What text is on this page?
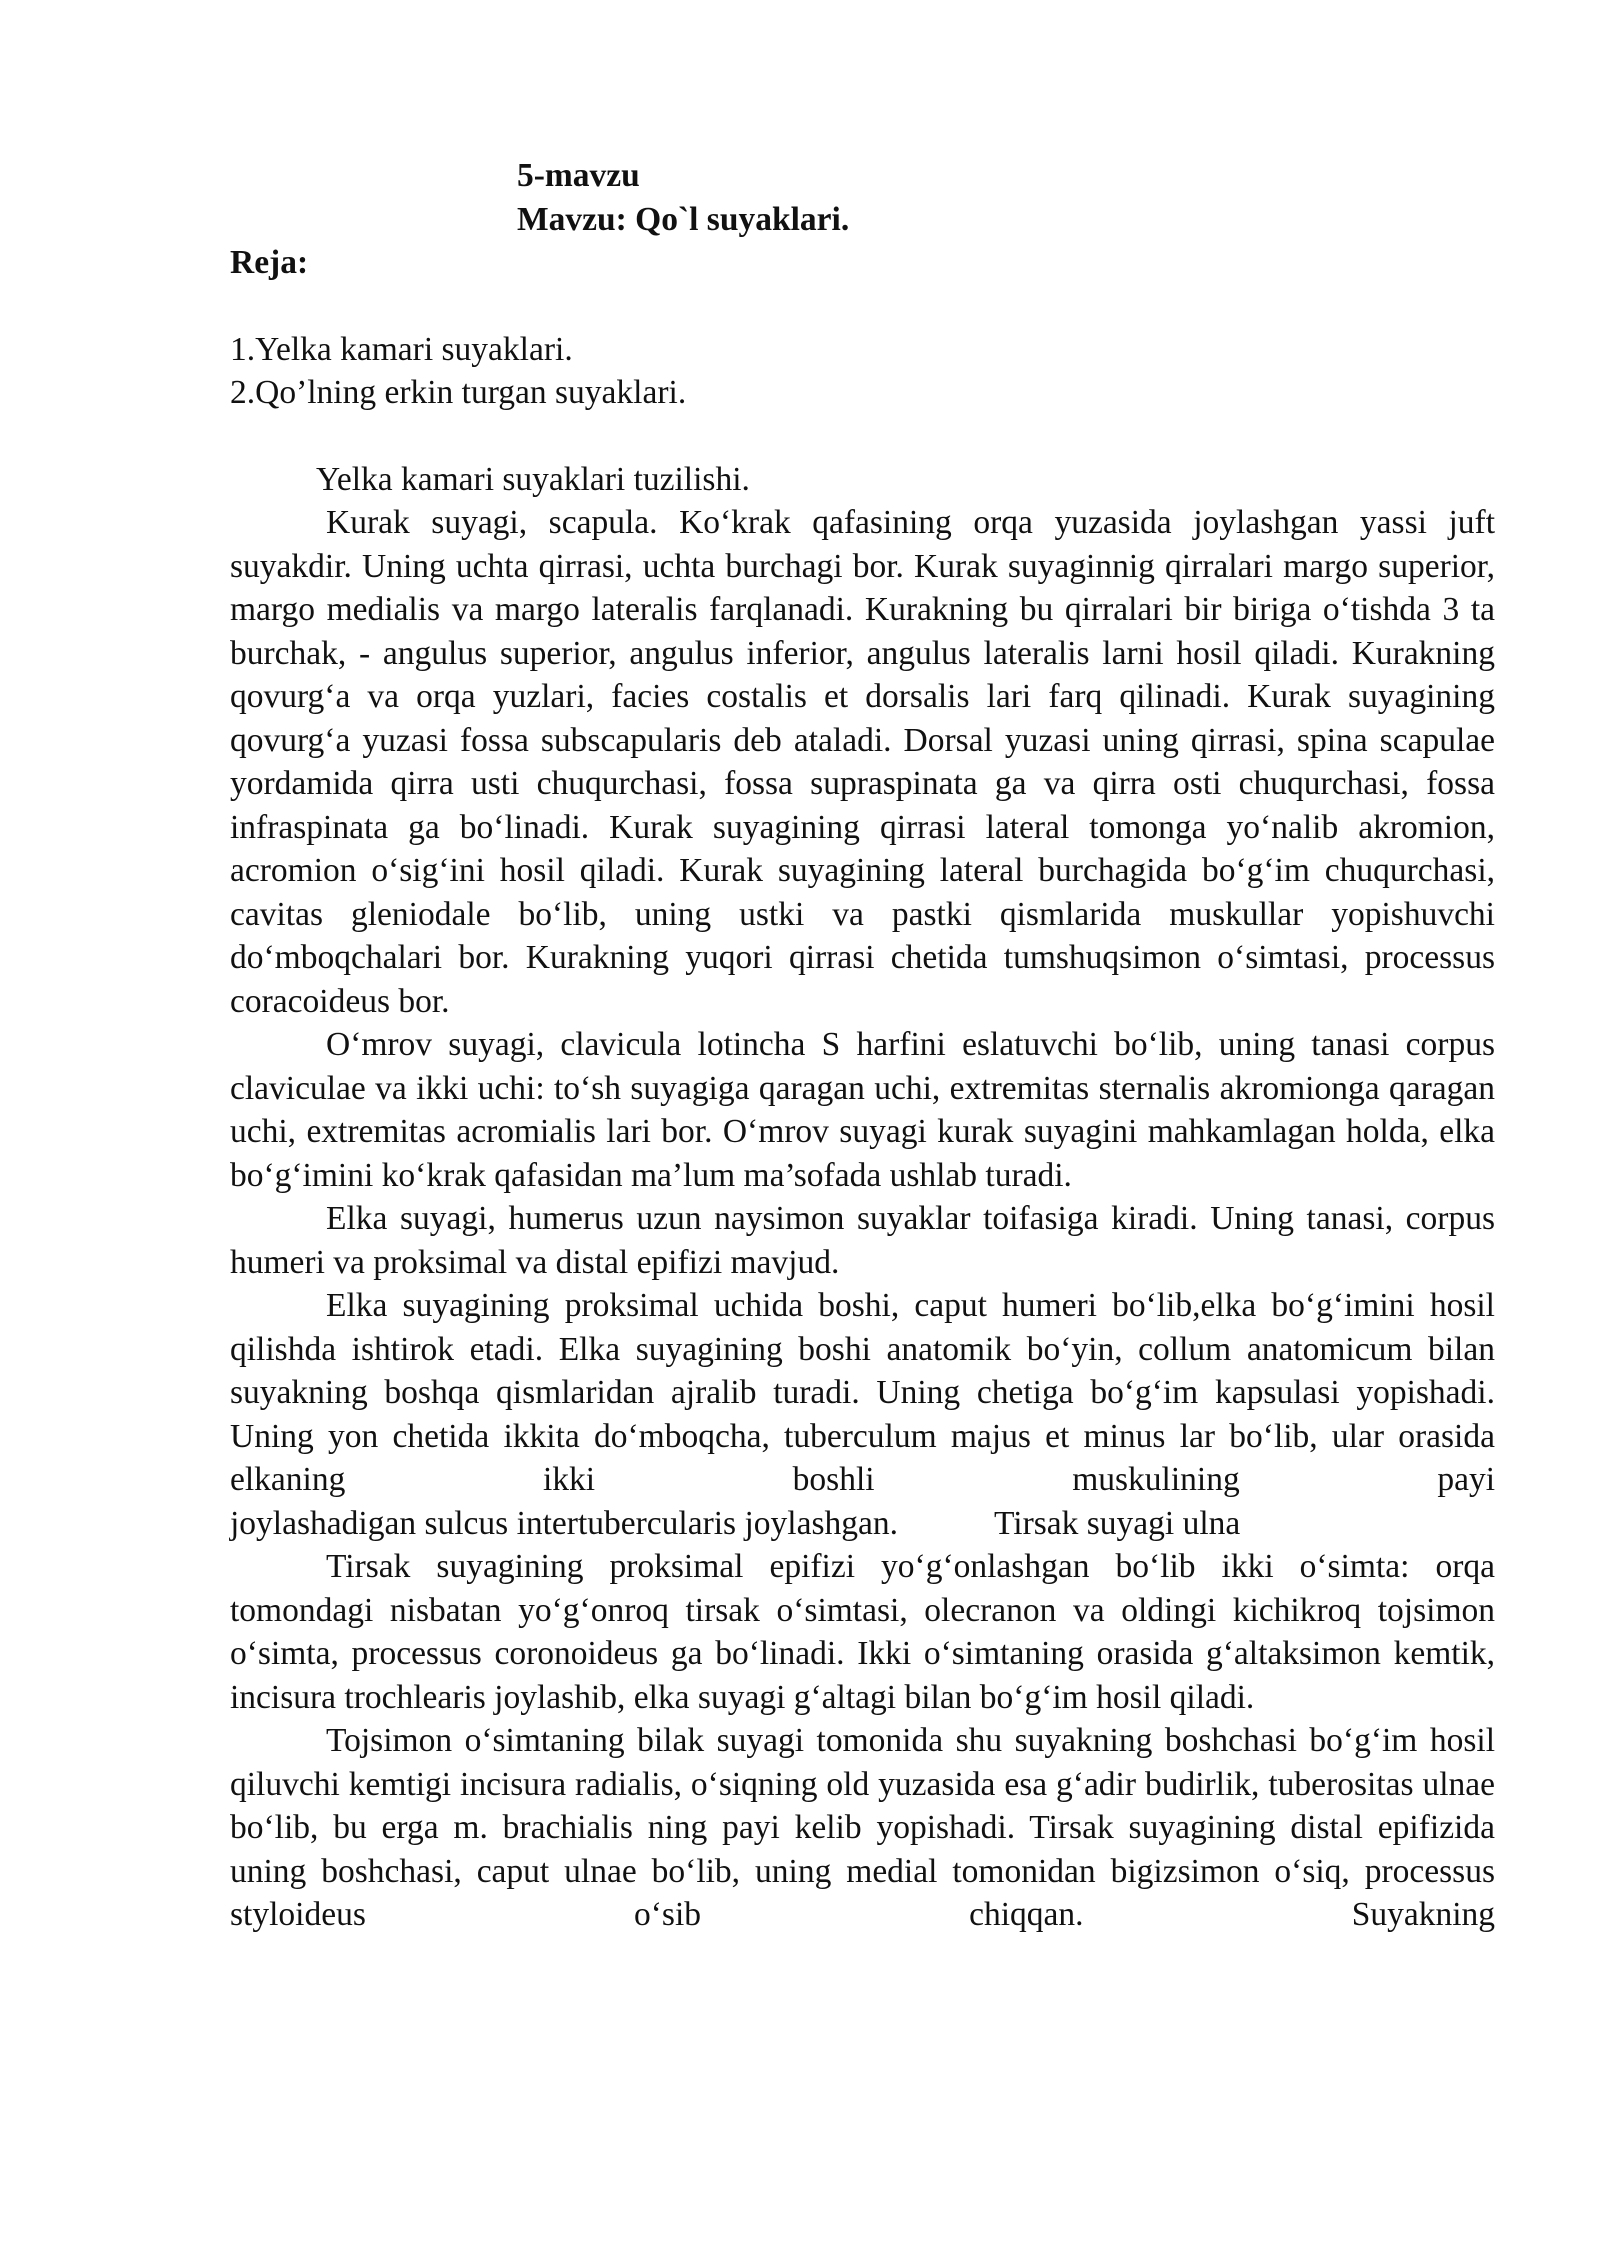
5-mavzu

Mavzu: Qo`l suyaklari.

Reja:

1.Yelka kamari suyaklari.

2.Qo’lning erkin turgan suyaklari.

Yelka kamari suyaklari tuzilishi.

Kurak suyagi, scapula. Ko‘krak qafasining orqa yuzasida joylashgan yassi juft suyakdir. Uning uchta qirrasi, uchta burchagi bor. Kurak suyaginnig qirralari margo superior, margo medialis va margo lateralis farqlanadi. Kurakning bu qirralari bir biriga o‘tishda 3 ta burchak, - angulus superior, angulus inferior, angulus lateralis larni hosil qiladi. Kurakning qovurg‘a va orqa yuzlari, facies costalis et dorsalis lari farq qilinadi. Kurak suyagining qovurg‘a yuzasi fossa subscapularis deb ataladi. Dorsal yuzasi uning qirrasi, spina scapulae yordamida qirra usti chuqurchasi, fossa supraspinata ga va qirra osti chuqurchasi, fossa infraspinata ga bo‘linadi. Kurak suyagining qirrasi lateral tomonga yo‘nalib akromion, acromion o‘sig‘ini hosil qiladi. Kurak suyagining lateral burchagida bo‘g‘im chuqurchasi, cavitas gleniodale bo‘lib, uning ustki va pastki qismlarida muskullar yopishuvchi do‘mboqchalari bor. Kurakning yuqori qirrasi chetida tumshuqsimon o‘simtasi, processus coracoideus bor.

O‘mrov suyagi, clavicula lotincha S harfini eslatuvchi bo‘lib, uning tanasi corpus claviculae va ikki uchi: to‘sh suyagiga qaragan uchi, extremitas sternalis akromionga qaragan uchi, extremitas acromialis lari bor. O‘mrov suyagi kurak suyagini mahkamlagan holda, elka bo‘g‘imini ko‘krak qafasidan ma’lum ma’sofada ushlab turadi.

Elka suyagi, humerus uzun naysimon suyaklar toifasiga kiradi. Uning tanasi, corpus humeri va proksimal va distal epifizi mavjud.

Elka suyagining proksimal uchida boshi, caput humeri bo‘lib,elka bo‘g‘imini hosil qilishda ishtirok etadi. Elka suyagining boshi anatomik bo‘yin, collum anatomicum bilan suyakning boshqa qismlaridan ajralib turadi. Uning chetiga bo‘g‘im kapsulasi yopishadi. Uning yon chetida ikkita do‘mboqcha, tuberculum majus et minus lar bo‘lib, ular orasida elkaning ikki boshli muskulining payi

joylashadigan sulcus intertubercularis joylashgan.	Tirsak suyagi ulna

Tirsak suyagining proksimal epifizi yo‘g‘onlashgan bo‘lib ikki o‘simta: orqa tomondagi nisbatan yo‘g‘onroq tirsak o‘simtasi, olecranon va oldingi kichikroq tojsimon o‘simta, processus coronoideus ga bo‘linadi. Ikki o‘simtaning orasida g‘altaksimon kemtik, incisura trochlearis joylashib, elka suyagi g‘altagi bilan bo‘g‘im hosil qiladi.

Tojsimon o‘simtaning bilak suyagi tomonida shu suyakning boshchasi bo‘g‘im hosil qiluvchi kemtigi incisura radialis, o‘siqning old yuzasida esa g‘adir budirlik, tuberositas ulnae bo‘lib, bu erga m. brachialis ning payi kelib yopishadi. Tirsak suyagining distal epifizida uning boshchasi, caput ulnae bo‘lib, uning medial tomonidan bigizsimon o‘siq, processus styloideus o‘sib chiqqan. Suyakning
